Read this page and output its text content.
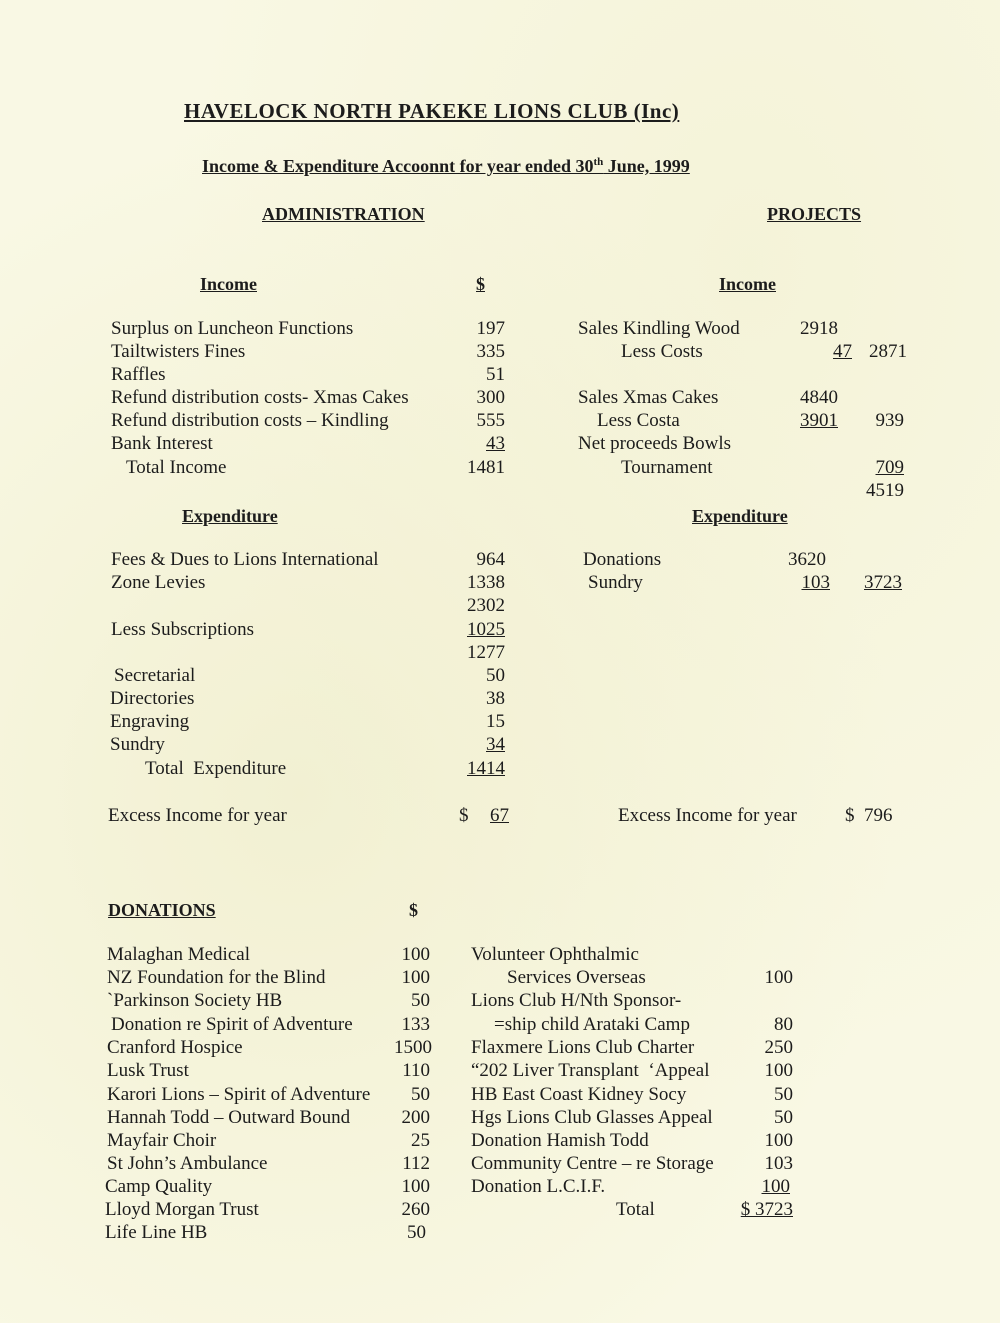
HAVELOCK NORTH PAKEKE LIONS CLUB (Inc)
Income & Expenditure Accoonnt for year ended 30th June, 1999
ADMINISTRATION	PROJECTS
Income	$
Surplus on Luncheon Functions	197
Tailtwisters Fines	335
Raffles	51
Refund distribution costs- Xmas Cakes	300
Refund distribution costs – Kindling	555
Bank Interest	43
Total Income	1481
Expenditure
Fees & Dues to Lions International	964
Zone Levies	1338
2302
Less Subscriptions	1025
1277
Secretarial	50
Directories	38
Engraving	15
Sundry	34
Total  Expenditure	1414
Excess Income for year	$ 67
Income
Sales Kindling Wood	2918
Less Costs	47 2871
Sales Xmas Cakes	4840
Less Costa	3901	939
Net proceeds Bowls
Tournament	709
4519
Expenditure
Donations	3620
Sundry	103	3723
Excess Income for year	$ 796
DONATIONS	$
Malaghan Medical	100
NZ Foundation for the Blind	100
`Parkinson Society HB	50
Donation re Spirit of Adventure	133
Cranford Hospice	1500
Lusk Trust	110
Karori Lions – Spirit of Adventure	50
Hannah Todd – Outward Bound	200
Mayfair Choir	25
St John’s Ambulance	112
Camp Quality	100
Lloyd Morgan Trust	260
Life Line HB	50
Volunteer Ophthalmic
Services Overseas	100
Lions Club H/Nth Sponsor-
=ship child Arataki Camp	80
Flaxmere Lions Club Charter	250
“202 Liver Transplant  ‘Appeal	100
HB East Coast Kidney Socy	50
Hgs Lions Club Glasses Appeal	50
Donation Hamish Todd	100
Community Centre – re Storage	103
Donation L.C.I.F.	100
Total	$ 3723
